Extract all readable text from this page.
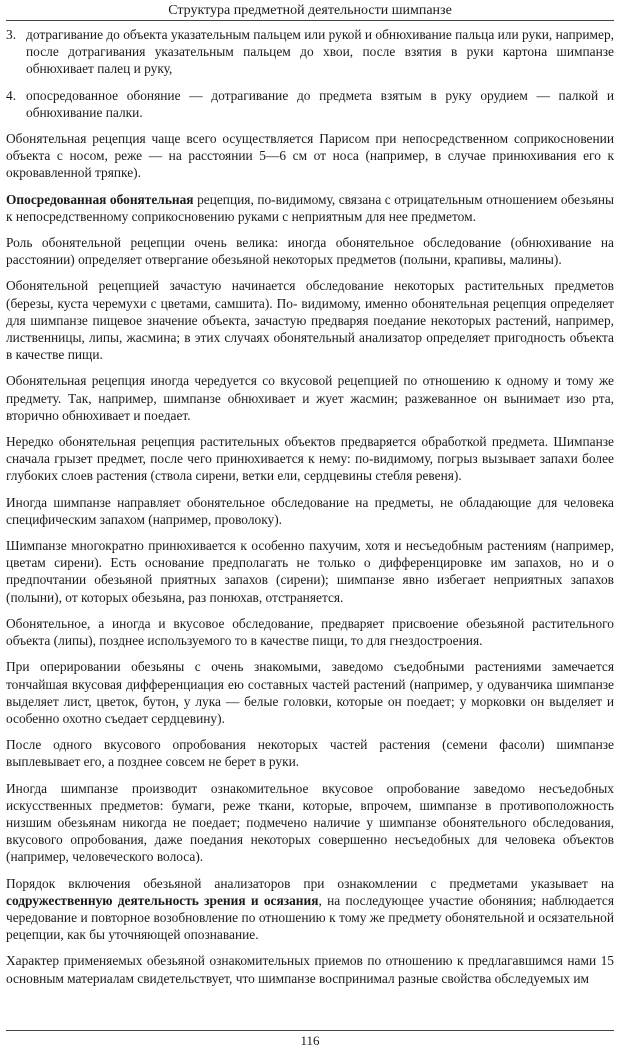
Структура предметной деятельности шимпанзе
3. дотрагивание до объекта указательным пальцем или рукой и обнюхивание пальца или руки, например, после дотрагивания указательным пальцем до хвои, после взятия в руки картона шимпанзе обнюхивает палец и руку,
4. опосредованное обоняние — дотрагивание до предмета взятым в руку орудием — палкой и обнюхивание палки.

Обонятельная рецепция чаще всего осуществляется Парисом при непосредственном соприкосновении объекта с носом, реже — на расстоянии 5—6 см от носа (например, в случае принюхивания его к окровавленной тряпке).

Опосредованная обонятельная рецепция, по-видимому, связана с отрицательным отношением обезьяны к непосредственному соприкосновению руками с неприятным для нее предметом.

Роль обонятельной рецепции очень велика: иногда обонятельное обследование (обнюхивание на расстоянии) определяет отвергание обезьяной некоторых предметов (полыни, крапивы, малины).

Обонятельной рецепцией зачастую начинается обследование некоторых растительных предметов (березы, куста черемухи с цветами, самшита). По- видимому, именно обонятельная рецепция определяет для шимпанзе пищевое значение объекта, зачастую предваряя поедание некоторых растений, например, лиственницы, липы, жасмина; в этих случаях обонятельный анализатор определяет пригодность объекта в качестве пищи.

Обонятельная рецепция иногда чередуется со вкусовой рецепцией по отношению к одному и тому же предмету. Так, например, шимпанзе обнюхивает и жует жасмин; разжеванное он вынимает изо рта, вторично обнюхивает и поедает.

Нередко обонятельная рецепция растительных объектов предваряется обработкой предмета. Шимпанзе сначала грызет предмет, после чего принюхивается к нему: по-видимому, погрыз вызывает запахи более глубоких слоев растения (ствола сирени, ветки ели, сердцевины стебля ревеня).

Иногда шимпанзе направляет обонятельное обследование на предметы, не обладающие для человека специфическим запахом (например, проволоку).

Шимпанзе многократно принюхивается к особенно пахучим, хотя и несъедобным растениям (например, цветам сирени). Есть основание предполагать не только о дифференцировке им запахов, но и о предпочтании обезьяной приятных запахов (сирени); шимпанзе явно избегает неприятных запахов (полыни), от которых обезьяна, раз понюхав, отстраняется.

Обонятельное, а иногда и вкусовое обследование, предваряет присвоение обезьяной растительного объекта (липы), позднее используемого то в качестве пищи, то для гнездостроения.

При оперировании обезьяны с очень знакомыми, заведомо съедобными растениями замечается тончайшая вкусовая дифференциация ею составных частей растений (например, у одуванчика шимпанзе выделяет лист, цветок, бутон, у лука — белые головки, которые он поедает; у морковки он выделяет и особенно охотно съедает сердцевину).

После одного вкусового опробования некоторых частей растения (семени фасоли) шимпанзе выплевывает его, а позднее совсем не берет в руки.

Иногда шимпанзе производит ознакомительное вкусовое опробование заведомо несъедобных искусственных предметов: бумаги, реже ткани, которые, впрочем, шимпанзе в противоположность низшим обезьянам никогда не поедает; подмечено наличие у шимпанзе обонятельного обследования, вкусового опробования, даже поедания некоторых совершенно несъедобных для человека объектов (например, человеческого волоса).

Порядок включения обезьяной анализаторов при ознакомлении с предметами указывает на содружественную деятельность зрения и осязания, на последующее участие обоняния; наблюдается чередование и повторное возобновление по отношению к тому же предмету обонятельной и осязательной рецепции, как бы уточняющей опознавание.

Характер применяемых обезьяной ознакомительных приемов по отношению к предлагавшимся нами 15 основным материалам свидетельствует, что шимпанзе воспринимал разные свойства обследуемых им

116
